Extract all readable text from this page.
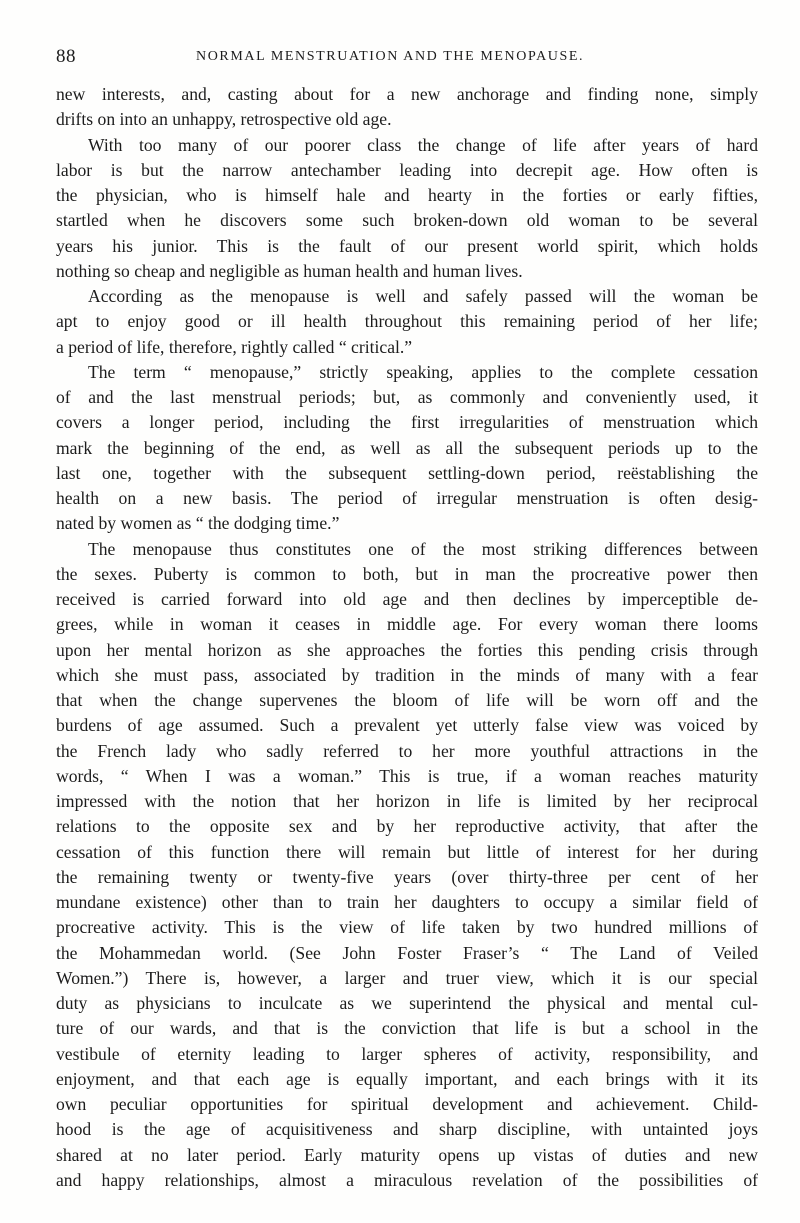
88	NORMAL MENSTRUATION AND THE MENOPAUSE.
new interests, and, casting about for a new anchorage and finding none, simply
drifts on into an unhappy, retrospective old age.
With too many of our poorer class the change of life after years of hard
labor is but the narrow antechamber leading into decrepit age. How often is
the physician, who is himself hale and hearty in the forties or early fifties,
startled when he discovers some such broken-down old woman to be several
years his junior. This is the fault of our present world spirit, which holds
nothing so cheap and negligible as human health and human lives.
According as the menopause is well and safely passed will the woman be
apt to enjoy good or ill health throughout this remaining period of her life;
a period of life, therefore, rightly called “ critical.”
The term “ menopause,” strictly speaking, applies to the complete cessation
of and the last menstrual periods; but, as commonly and conveniently used, it
covers a longer period, including the first irregularities of menstruation which
mark the beginning of the end, as well as all the subsequent periods up to the
last one, together with the subsequent settling-down period, reëstablishing the
health on a new basis. The period of irregular menstruation is often desig-
nated by women as “ the dodging time.”
The menopause thus constitutes one of the most striking differences between
the sexes. Puberty is common to both, but in man the procreative power then
received is carried forward into old age and then declines by imperceptible de-
grees, while in woman it ceases in middle age. For every woman there looms
upon her mental horizon as she approaches the forties this pending crisis through
which she must pass, associated by tradition in the minds of many with a fear
that when the change supervenes the bloom of life will be worn off and the
burdens of age assumed. Such a prevalent yet utterly false view was voiced by
the French lady who sadly referred to her more youthful attractions in the
words, “ When I was a woman.” This is true, if a woman reaches maturity
impressed with the notion that her horizon in life is limited by her reciprocal
relations to the opposite sex and by her reproductive activity, that after the
cessation of this function there will remain but little of interest for her during
the remaining twenty or twenty-five years (over thirty-three per cent of her
mundane existence) other than to train her daughters to occupy a similar field of
procreative activity. This is the view of life taken by two hundred millions of
the Mohammedan world. (See John Foster Fraser’s “ The Land of Veiled
Women.”) There is, however, a larger and truer view, which it is our special
duty as physicians to inculcate as we superintend the physical and mental cul-
ture of our wards, and that is the conviction that life is but a school in the
vestibule of eternity leading to larger spheres of activity, responsibility, and
enjoyment, and that each age is equally important, and each brings with it its
own peculiar opportunities for spiritual development and achievement. Child-
hood is the age of acquisitiveness and sharp discipline, with untainted joys
shared at no later period. Early maturity opens up vistas of duties and new
and happy relationships, almost a miraculous revelation of the possibilities of
